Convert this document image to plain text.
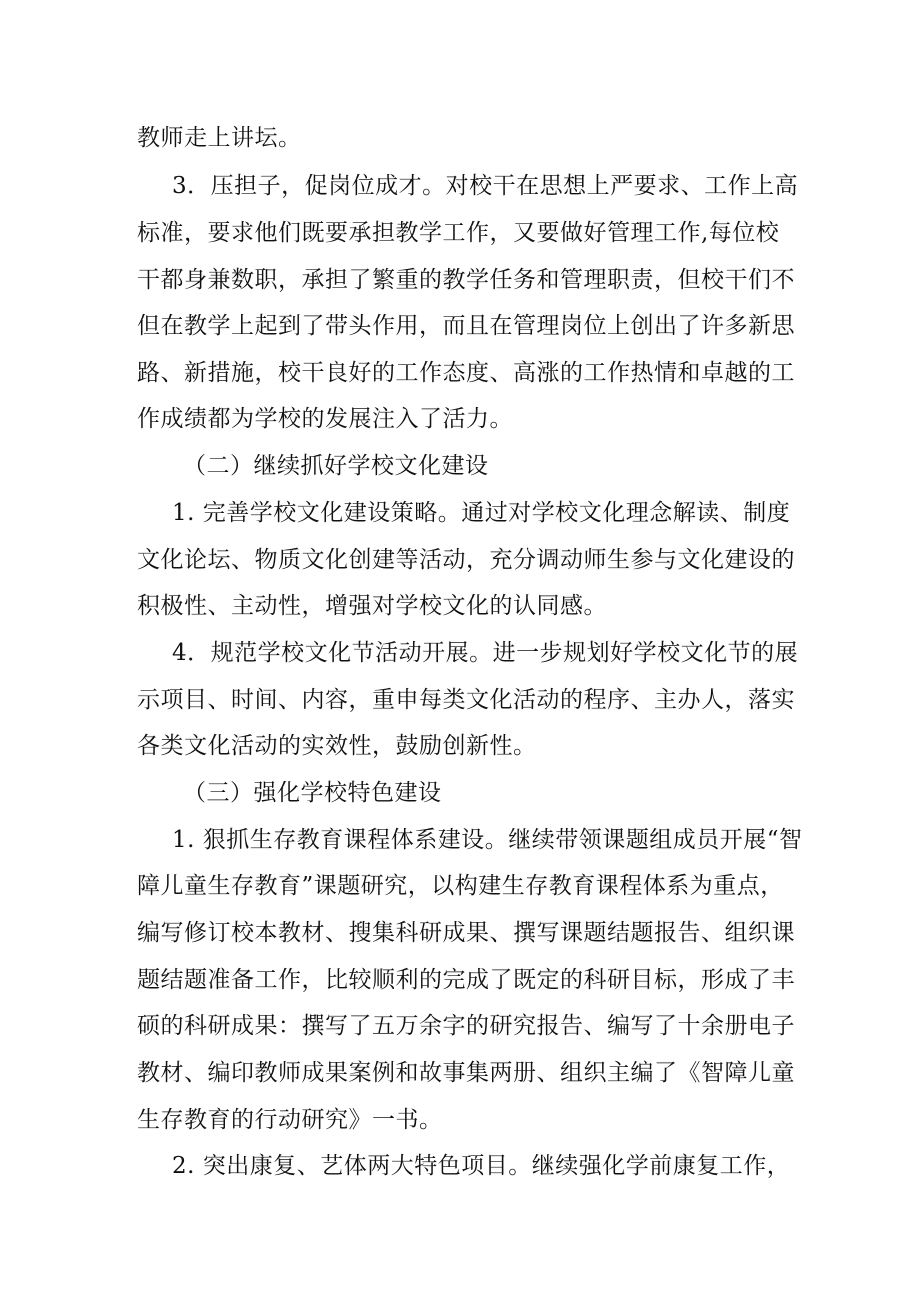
教师走上讲坛。
3．压担子，促岗位成才。对校干在思想上严要求、工作上高
标准，要求他们既要承担教学工作，又要做好管理工作,每位校
干都身兼数职，承担了繁重的教学任务和管理职责，但校干们不
但在教学上起到了带头作用，而且在管理岗位上创出了许多新思
路、新措施，校干良好的工作态度、高涨的工作热情和卓越的工
作成绩都为学校的发展注入了活力。
（二）继续抓好学校文化建设
1. 完善学校文化建设策略。通过对学校文化理念解读、制度
文化论坛、物质文化创建等活动，充分调动师生参与文化建设的
积极性、主动性，增强对学校文化的认同感。
4．规范学校文化节活动开展。进一步规划好学校文化节的展
示项目、时间、内容，重申每类文化活动的程序、主办人，落实
各类文化活动的实效性，鼓励创新性。
（三）强化学校特色建设
1. 狠抓生存教育课程体系建设。继续带领课题组成员开展“智
障儿童生存教育”课题研究，以构建生存教育课程体系为重点，
编写修订校本教材、搜集科研成果、撰写课题结题报告、组织课
题结题准备工作，比较顺利的完成了既定的科研目标，形成了丰
硕的科研成果：撰写了五万余字的研究报告、编写了十余册电子
教材、编印教师成果案例和故事集两册、组织主编了《智障儿童
生存教育的行动研究》一书。
2. 突出康复、艺体两大特色项目。继续强化学前康复工作，
